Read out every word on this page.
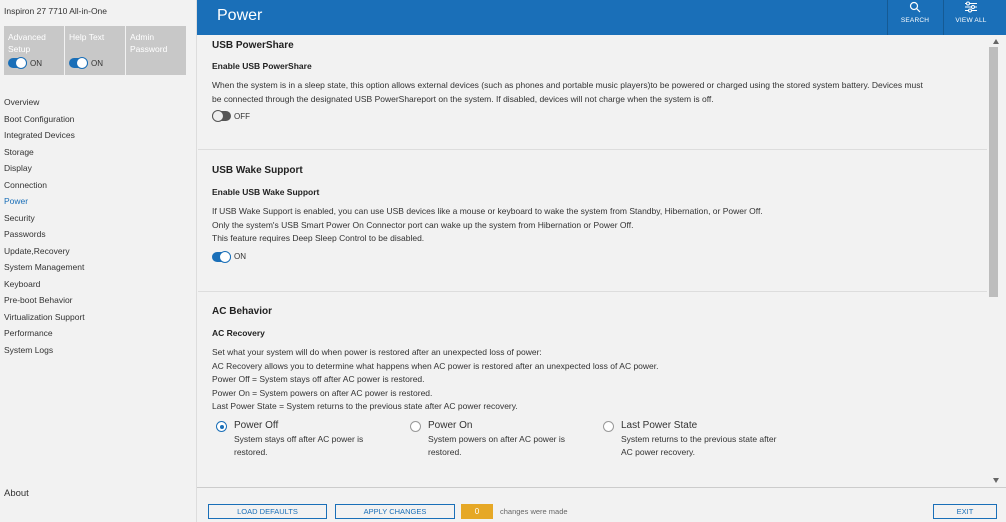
Inspiron 27 7710 All-in-One
Advanced Setup
ON
Help Text
ON
Admin Password
Overview
Boot Configuration
Integrated Devices
Storage
Display
Connection
Power
Security
Passwords
Update,Recovery
System Management
Keyboard
Pre-boot Behavior
Virtualization Support
Performance
System Logs
About
Power	SEARCH	VIEW ALL
USB PowerShare
Enable USB PowerShare
When the system is in a sleep state, this option allows external devices (such as phones and portable music players)to be powered or charged using the stored system battery. Devices must
be connected through the designated USB PowerShareport on the system. If disabled, devices will not charge when the system is off.
OFF
USB Wake Support
Enable USB Wake Support
If USB Wake Support is enabled, you can use USB devices like a mouse or keyboard to wake the system from Standby, Hibernation, or Power Off.
Only the system's USB Smart Power On Connector port can wake up the system from Hibernation or Power Off.
This feature requires Deep Sleep Control to be disabled.
ON
AC Behavior
AC Recovery
Set what your system will do when power is restored after an unexpected loss of power:
AC Recovery allows you to determine what happens when AC power is restored after an unexpected loss of AC power.
Power Off = System stays off after AC power is restored.
Power On = System powers on after AC power is restored.
Last Power State = System returns to the previous state after AC power recovery.
Power Off
System stays off after AC power is restored.
Power On
System powers on after AC power is restored.
Last Power State
System returns to the previous state after AC power recovery.
LOAD DEFAULTS	APPLY CHANGES	0	changes were made	EXIT
